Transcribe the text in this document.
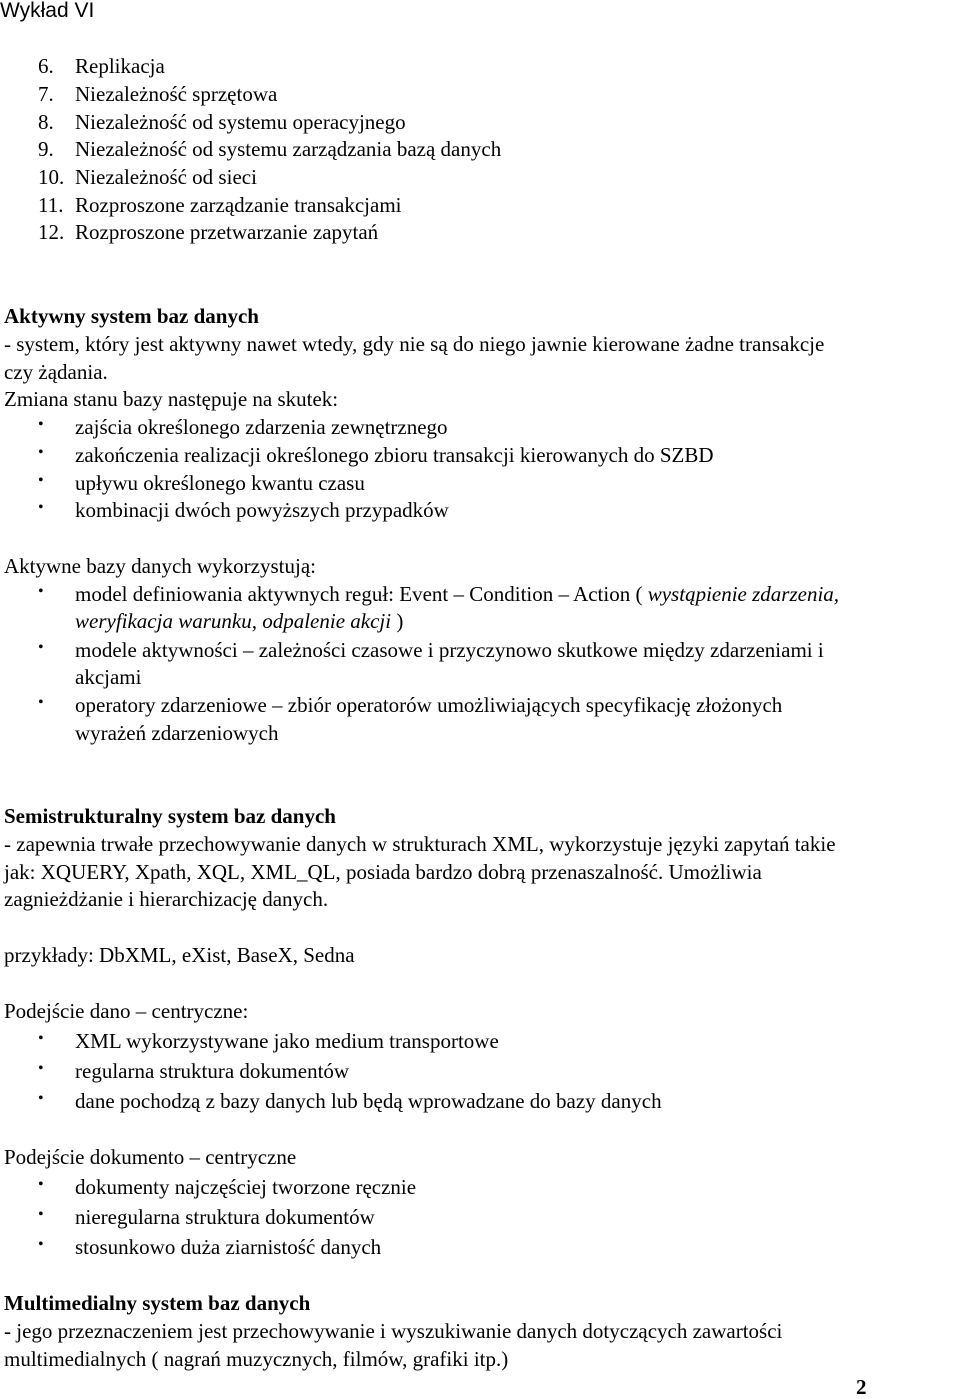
Wykład VI
6. Replikacja
7. Niezależność sprzętowa
8. Niezależność od systemu operacyjnego
9. Niezależność od systemu zarządzania bazą danych
10. Niezależność od sieci
11. Rozproszone zarządzanie transakcjami
12. Rozproszone przetwarzanie zapytań
Aktywny system baz danych
- system, który jest aktywny nawet wtedy, gdy nie są do niego jawnie kierowane żadne transakcje
czy żądania.
Zmiana stanu bazy następuje na skutek:
• zajścia określonego zdarzenia zewnętrznego
• zakończenia realizacji określonego zbioru transakcji kierowanych do SZBD
• upływu określonego kwantu czasu
• kombinacji dwóch powyższych przypadków
Aktywne bazy danych wykorzystują:
• model definiowania aktywnych reguł: Event – Condition – Action ( wystąpienie zdarzenia,
weryfikacja warunku, odpalenie akcji )
• modele aktywności – zależności czasowe i przyczynowo skutkowe między zdarzeniami i
akcjami
• operatory zdarzeniowe – zbiór operatorów umożliwiających specyfikację złożonych
wyrażeń zdarzeniowych
Semistrukturalny system baz danych
- zapewnia trwałe przechowywanie danych w strukturach XML, wykorzystuje języki zapytań takie
jak: XQUERY, Xpath, XQL, XML_QL, posiada bardzo dobrą przenaszalność. Umożliwia
zagnieżdżanie i hierarchizację danych.
przykłady: DbXML, eXist, BaseX, Sedna
Podejście dano – centryczne:
• XML wykorzystywane jako medium transportowe
• regularna struktura dokumentów
• dane pochodzą z bazy danych lub będą wprowadzane do bazy danych
Podejście dokumento – centryczne
• dokumenty najczęściej tworzone ręcznie
• nieregularna struktura dokumentów
• stosunkowo duża ziarnistość danych
Multimedialny system baz danych
- jego przeznaczeniem jest przechowywanie i wyszukiwanie danych dotyczących zawartości
multimedialnych ( nagrań muzycznych, filmów, grafiki itp.)
2
